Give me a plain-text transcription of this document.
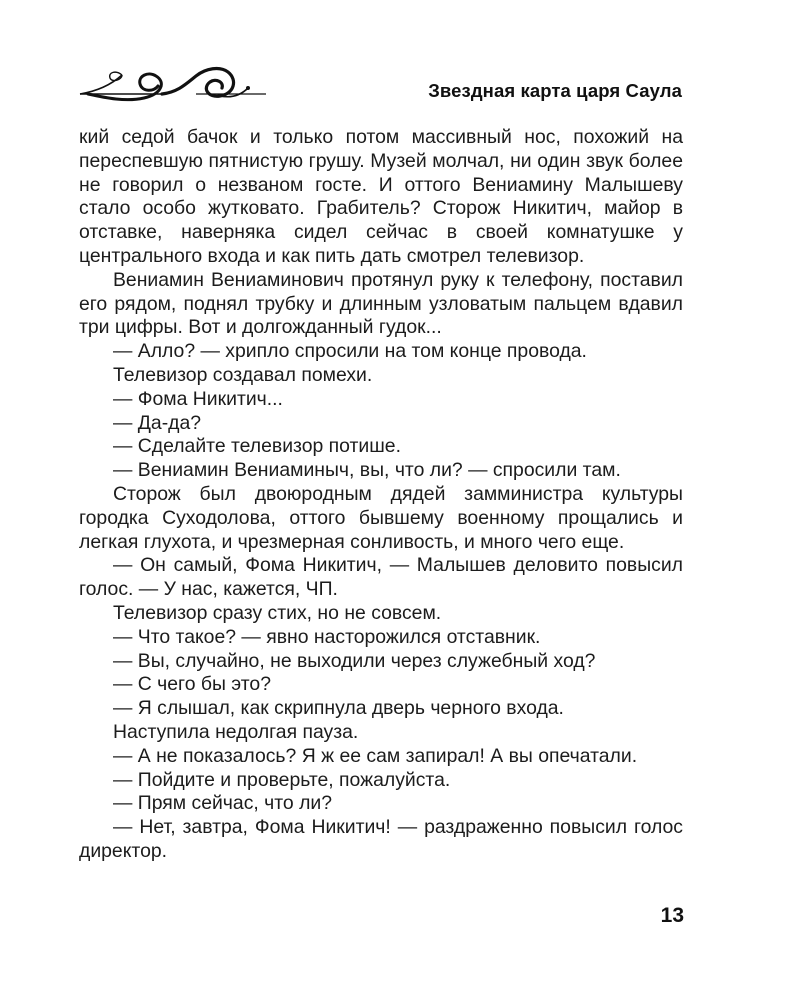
Звездная карта царя Саула

кий седой бачок и только потом массивный нос, похожий на переспевшую пятнистую грушу. Музей молчал, ни один звук более не говорил о незваном госте. И оттого Вениамину Малышеву стало особо жутковато. Грабитель? Сторож Никитич, майор в отставке, наверняка сидел сейчас в своей комнатушке у центрального входа и как пить дать смотрел телевизор.

Вениамин Вениаминович протянул руку к телефону, поставил его рядом, поднял трубку и длинным узловатым пальцем вдавил три цифры. Вот и долгожданный гудок...

— Алло? — хрипло спросили на том конце провода.

Телевизор создавал помехи.

— Фома Никитич...

— Да-да?

— Сделайте телевизор потише.

— Вениамин Вениаминыч, вы, что ли? — спросили там.

Сторож был двоюродным дядей замминистра культуры городка Суходолова, оттого бывшему военному прощались и легкая глухота, и чрезмерная сонливость, и много чего еще.

— Он самый, Фома Никитич, — Малышев деловито повысил голос. — У нас, кажется, ЧП.

Телевизор сразу стих, но не совсем.

— Что такое? — явно насторожился отставник.

— Вы, случайно, не выходили через служебный ход?

— С чего бы это?

— Я слышал, как скрипнула дверь черного входа.

Наступила недолгая пауза.

— А не показалось? Я ж ее сам запирал! А вы опечатали.

— Пойдите и проверьте, пожалуйста.

— Прям сейчас, что ли?

— Нет, завтра, Фома Никитич! — раздраженно повысил голос директор.

13
